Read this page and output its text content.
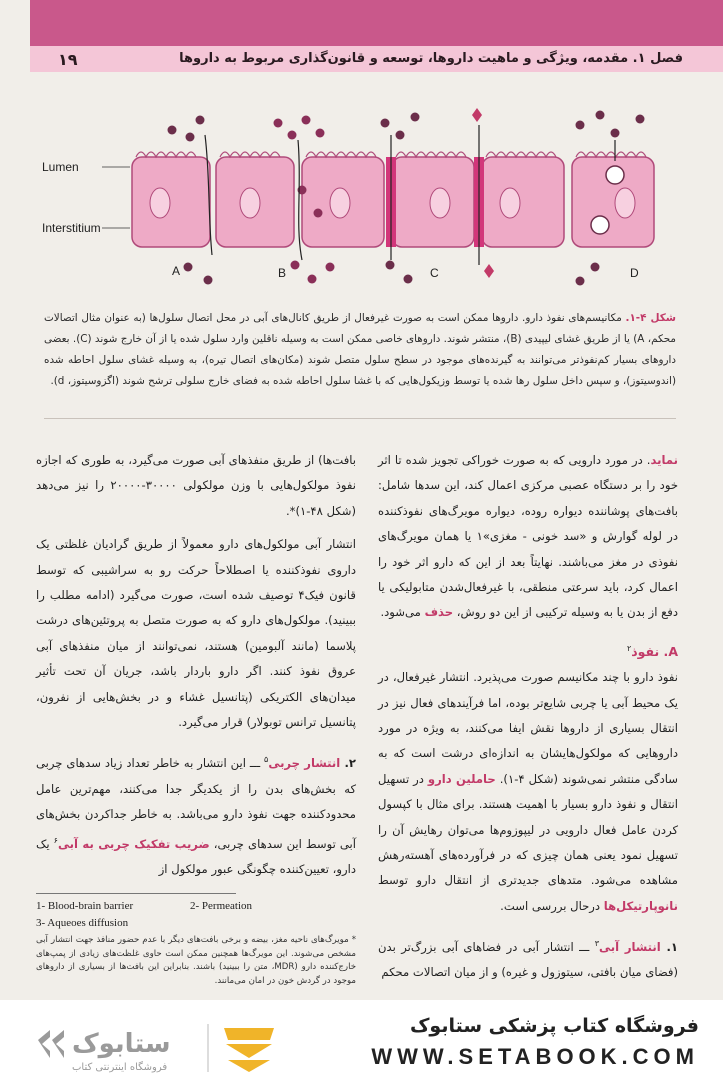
۱۹	فصل ۱. مقدمه، ویژگی و ماهیت داروها، توسعه و قانون‌گذاری مربوط به داروها
Lumen
Interstitium
A	B	C	D
شکل ۴-۱. مکانیسم‌های نفوذ دارو. داروها ممکن است به صورت غیرفعال از طریق کانال‌های آبی در محل اتصال سلول‌ها (به عنوان مثال اتصالات محکم، A) یا از طریق غشای لیپیدی (B)، منتشر شوند. داروهای خاصی ممکن است به وسیله ناقلین وارد سلول شده یا از آن خارج شوند (C). بعضی داروهای بسیار کم‌نفوذتر می‌توانند به گیرنده‌های موجود در سطح سلول متصل شوند (مکان‌های اتصال تیره)، به وسیله غشای سلول احاطه شده (اندوسیتوز)، و سپس داخل سلول رها شده یا توسط وزیکول‌هایی که با غشا سلول احاطه شده به فضای خارج سلولی ترشح شوند (اگزوسیتوز، d).

نماید. در مورد دارویی که به صورت خوراکی تجویز شده تا اثر خود را بر دستگاه عصبی مرکزی اعمال کند، این سدها شامل: بافت‌های پوشاننده دیواره روده، دیواره مویرگ‌های نفوذکننده در لوله گوارش و «سد خونی - مغزی»۱ یا همان مویرگ‌های نفوذی در مغز می‌باشند. نهایتاً بعد از این که دارو اثر خود را اعمال کرد، باید سرعتی منطقی، با غیرفعال‌شدن متابولیکی یا دفع از بدن یا به وسیله ترکیبی از این دو روش، حذف می‌شود.

A. نفوذ$^۲$

نفوذ دارو با چند مکانیسم صورت می‌پذیرد. انتشار غیرفعال، در یک محیط آبی یا چربی شایع‌تر بوده، اما فرآیندهای فعال نیز در انتقال بسیاری از داروها نقش ایفا می‌کنند، به ویژه در مورد داروهایی که مولکول‌هایشان به اندازه‌ای درشت است که به سادگی منتشر نمی‌شوند (شکل ۴-۱). حاملین دارو در تسهیل انتقال و نفوذ دارو بسیار با اهمیت هستند. برای مثال با کپسول کردن عامل فعال دارویی در لیپوزوم‌ها می‌توان رهایش آن را تسهیل نمود یعنی همان چیزی که در فرآورده‌های آهسته‌رهش مشاهده می‌شود. متدهای جدیدتری از انتقال دارو توسط نانوپارتیکل‌ها درحال بررسی است.

۱. انتشار آبی$^۳$ ـــ انتشار آبی در فضاهای آبی بزرگ‌تر بدن (فضای میان بافتی، سیتوزول و غیره) و از میان اتصالات محکم

بافت‌ها) از طریق منفذهای آبی صورت می‌گیرد، به طوری که اجازه نفوذ مولکول‌هایی با وزن مولکولی ۳۰۰۰۰-۲۰۰۰۰ را نیز می‌دهد (شکل ۴۸-۱)*.

انتشار آبی مولکول‌های دارو معمولاً از طریق گرادیان غلظتی یک داروی نفوذکننده یا اصطلاحاً حرکت رو به سراشیبی که توسط قانون فیک۴ توصیف شده است، صورت می‌گیرد (ادامه مطلب را ببینید). مولکول‌های دارو که به صورت متصل به پروتئین‌های درشت پلاسما (مانند آلبومین) هستند، نمی‌توانند از میان منفذهای آبی عروق نفوذ کنند. اگر دارو باردار باشد، جریان آن تحت تأثیر میدان‌های الکتریکی (پتانسیل غشاء و در بخش‌هایی از نفرون، پتانسیل ترانس توبولار) قرار می‌گیرد.

۲. انتشار چربی$^۵$ ـــ این انتشار به خاطر تعداد زیاد سدهای چربی که بخش‌های بدن را از یکدیگر جدا می‌کنند، مهم‌ترین عامل محدودکننده جهت نفوذ دارو می‌باشد. به خاطر جداکردن بخش‌های آبی توسط این سدهای چربی، ضریب تفکیک چربی به آبی$^۶$ یک دارو، تعیین‌کننده چگونگی عبور مولکول از

1- Blood-brain barrier	2- Permeation
3- Aqueoes diffusion
* مویرگ‌های ناحیه مغز، بیضه و برخی بافت‌های دیگر با عدم حضور منافذ جهت انتشار آبی مشخص می‌شوند. این مویرگ‌ها همچنین ممکن است حاوی غلظت‌های زیادی از پمپ‌های خارج‌کننده دارو (MDR، متن را ببینید) باشند. بنابراین این بافت‌ها از بسیاری از داروهای موجود در گردش خون در امان می‌مانند.
ستابوک
فروشگاه اینترنتی کتاب
فروشگاه کتاب پزشکی ستابوک
WWW.SETABOOK.COM
